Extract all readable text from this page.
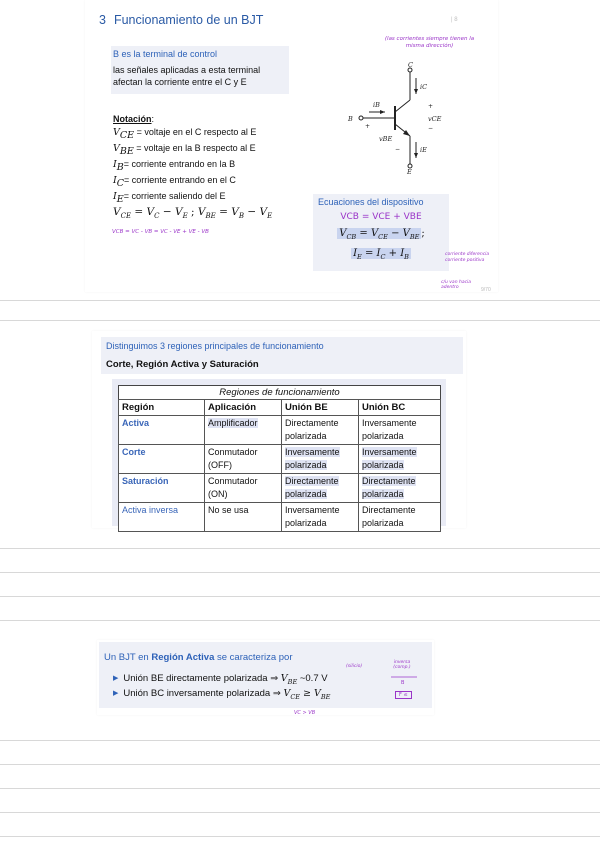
3 Funcionamiento de un BJT	| 8
(las corrientes siempre tienen la misma dirección)
B es la terminal de control
las señales aplicadas a esta terminal afectan la corriente entre el C y E
Notación:
$V_{CE}$ = voltaje en el C respecto al E
$V_{BE}$ = voltaje en la B respecto al E
$I_B=$ corriente entrando en la B
$I_C=$ corriente entrando en el C
$I_E=$ corriente saliendo del E
$V_{CE} = V_C - V_E$ ; $V_{BE} = V_B - V_E$
VCB = VC - VB = VC - VE + VE - VB
C
B
E
iC
iE
iB
vCE
vBE
+
−
+
−
Ecuaciones del dispositivo
VCB = VCE + VBE
$V_{CB} = V_{CE} - V_{BE}$ ;
$I_E = I_C + I_B$	corriente diferencia corriente positiva
c/u van hacia adentro	9/70
Distinguimos 3 regiones principales de funcionamiento
Corte, Región Activa y Saturación
Regiones de funcionamiento
Región	Aplicación	Unión BE	Unión BC
Activa	Amplificador	Directamente polarizada	Inversamente polarizada
Corte	Conmutador (OFF)	Inversamente polarizada	Inversamente polarizada
Saturación	Conmutador (ON)	Directamente polarizada	Directamente polarizada
Activa inversa	No se usa	Inversamente polarizada	Directamente polarizada
Un BJT en Región Activa se caracteriza por
▶ Unión BE directamente polarizada ⇒ $V_{BE}$ ~0.7 V
▶ Unión BC inversamente polarizada ⇒ $V_{CE} \ge V_{BE}$
(silicio)
inversa (comp.)
B
F ≤
VC > VB
